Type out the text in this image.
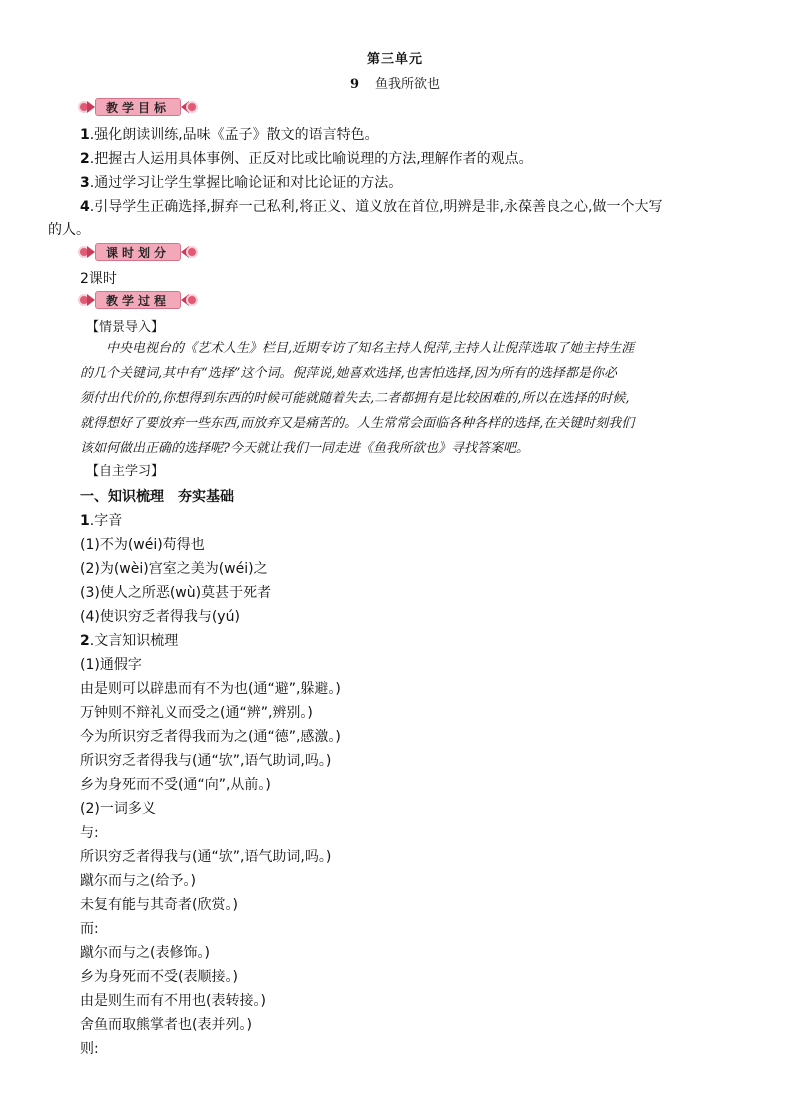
第三单元
9 鱼我所欲也
教学目标
1.强化朗读训练,品味《孟子》散文的语言特色。
2.把握古人运用具体事例、正反对比或比喻说理的方法,理解作者的观点。
3.通过学习让学生掌握比喻论证和对比论证的方法。
4.引导学生正确选择,摒弃一己私利,将正义、道义放在首位,明辨是非,永葆善良之心,做一个大写
的人。
课时划分
2课时
教学过程
【情景导入】
中央电视台的《艺术人生》栏目,近期专访了知名主持人倪萍,主持人让倪萍选取了她主持生涯
的几个关键词,其中有“选择”这个词。倪萍说,她喜欢选择,也害怕选择,因为所有的选择都是你必
须付出代价的,你想得到东西的时候可能就随着失去,二者都拥有是比较困难的,所以在选择的时候,
就得想好了要放弃一些东西,而放弃又是痛苦的。人生常常会面临各种各样的选择,在关键时刻我们
该如何做出正确的选择呢?今天就让我们一同走进《鱼我所欲也》寻找答案吧。
【自主学习】
一、知识梳理　夯实基础
1.字音
(1)不为(wéi)苟得也
(2)为(wèi)宫室之美为(wéi)之
(3)使人之所恶(wù)莫甚于死者
(4)使识穷乏者得我与(yú)
2.文言知识梳理
(1)通假字
由是则可以辟患而有不为也(通“避”,躲避。)
万钟则不辩礼义而受之(通“辨”,辨别。)
今为所识穷乏者得我而为之(通“德”,感激。)
所识穷乏者得我与(通“欤”,语气助词,吗。)
乡为身死而不受(通“向”,从前。)
(2)一词多义
与:
所识穷乏者得我与(通“欤”,语气助词,吗。)
蹴尔而与之(给予。)
未复有能与其奇者(欣赏。)
而:
蹴尔而与之(表修饰。)
乡为身死而不受(表顺接。)
由是则生而有不用也(表转接。)
舍鱼而取熊掌者也(表并列。)
则:
